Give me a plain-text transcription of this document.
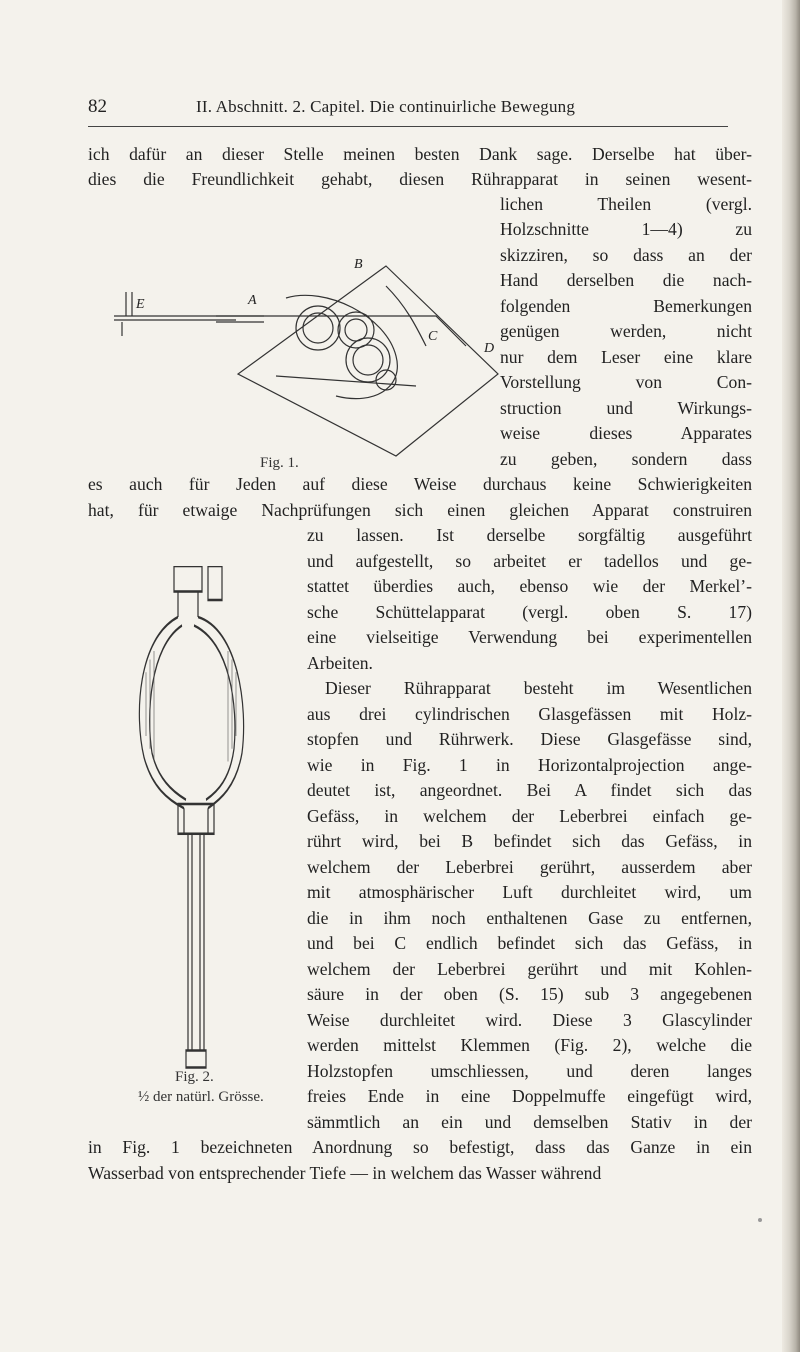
82	II. Abschnitt. 2. Capitel. Die continuirliche Bewegung
ich dafür an dieser Stelle meinen besten Dank sage. Derselbe hat über-
dies die Freundlichkeit gehabt, diesen Rührapparat in seinen wesent-
E	A
B
C
D
Fig. 1.
lichen Theilen (vergl.
Holzschnitte 1—4) zu
skizziren, so dass an der
Hand derselben die nach-
folgenden Bemerkungen
genügen werden, nicht
nur dem Leser eine klare
Vorstellung von Con-
struction und Wirkungs-
weise dieses Apparates
zu geben, sondern dass
es auch für Jeden auf diese Weise durchaus keine Schwierigkeiten
hat, für etwaige Nachprüfungen sich einen gleichen Apparat construiren
Fig. 2.
½ der natürl. Grösse.
zu lassen. Ist derselbe sorgfältig ausgeführt
und aufgestellt, so arbeitet er tadellos und ge-
stattet überdies auch, ebenso wie der Merkel’-
sche Schüttelapparat (vergl. oben S. 17)
eine vielseitige Verwendung bei experimentellen
Arbeiten.
Dieser Rührapparat besteht im Wesentlichen
aus drei cylindrischen Glasgefässen mit Holz-
stopfen und Rührwerk. Diese Glasgefässe sind,
wie in Fig. 1 in Horizontalprojection ange-
deutet ist, angeordnet. Bei A findet sich das
Gefäss, in welchem der Leberbrei einfach ge-
rührt wird, bei B befindet sich das Gefäss, in
welchem der Leberbrei gerührt, ausserdem aber
mit atmosphärischer Luft durchleitet wird, um
die in ihm noch enthaltenen Gase zu entfernen,
und bei C endlich befindet sich das Gefäss, in
welchem der Leberbrei gerührt und mit Kohlen-
säure in der oben (S. 15) sub 3 angegebenen
Weise durchleitet wird. Diese 3 Glascylinder
werden mittelst Klemmen (Fig. 2), welche die
Holzstopfen umschliessen, und deren langes
freies Ende in eine Doppelmuffe eingefügt wird,
sämmtlich an ein und demselben Stativ in der
in Fig. 1 bezeichneten Anordnung so befestigt, dass das Ganze in ein
Wasserbad von entsprechender Tiefe — in welchem das Wasser während
